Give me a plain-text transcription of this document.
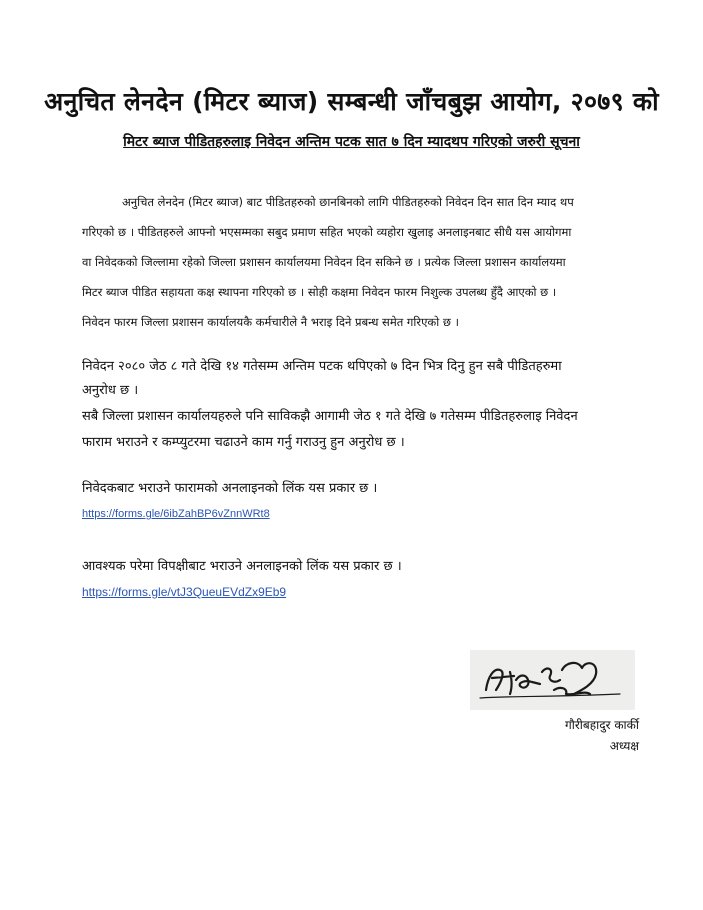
अनुचित लेनदेन (मिटर ब्याज) सम्बन्धी जाँचबुझ आयोग, २०७९ को
मिटर ब्याज पीडितहरुलाइ निवेदन अन्तिम पटक सात ७ दिन म्यादथप गरिएको जरुरी सूचना
अनुचित लेनदेन (मिटर ब्याज) बाट पीडितहरुको छानबिनको लागि पीडितहरुको निवेदन दिन सात दिन म्याद थप
गरिएको छ । पीडितहरुले आफ्नो भएसम्मका सबुद प्रमाण सहित भएको व्यहोरा खुलाइ अनलाइनबाट सीधै यस आयोगमा
वा निवेदकको जिल्लामा रहेको जिल्ला प्रशासन कार्यालयमा निवेदन दिन सकिने छ । प्रत्येक जिल्ला प्रशासन कार्यालयमा
मिटर ब्याज पीडित सहायता कक्ष स्थापना गरिएको छ । सोही कक्षमा निवेदन फारम निशुल्क उपलब्ध हुँदै आएको छ ।
निवेदन फारम जिल्ला प्रशासन कार्यालयकै कर्मचारीले नै भराइ दिने प्रबन्ध समेत गरिएको छ ।
निवेदन २०८० जेठ ८ गते देखि १४ गतेसम्म अन्तिम पटक थपिएको ७ दिन भित्र दिनु हुन सबै पीडितहरुमा
अनुरोध छ ।
सबै जिल्ला प्रशासन कार्यालयहरुले पनि साविकझै आगामी जेठ १ गते देखि ७ गतेसम्म पीडितहरुलाइ निवेदन
फाराम भराउने र कम्प्युटरमा चढाउने काम गर्नु गराउनु हुन अनुरोध छ ।
निवेदकबाट भराउने फारामको अनलाइनको लिंक यस प्रकार छ ।
https://forms.gle/6ibZahBP6vZnnWRt8
आवश्यक परेमा विपक्षीबाट भराउने अनलाइनको लिंक यस प्रकार छ ।
https://forms.gle/vtJ3QueuEVdZx9Eb9
गौरीबहादुर कार्की
अध्यक्ष
